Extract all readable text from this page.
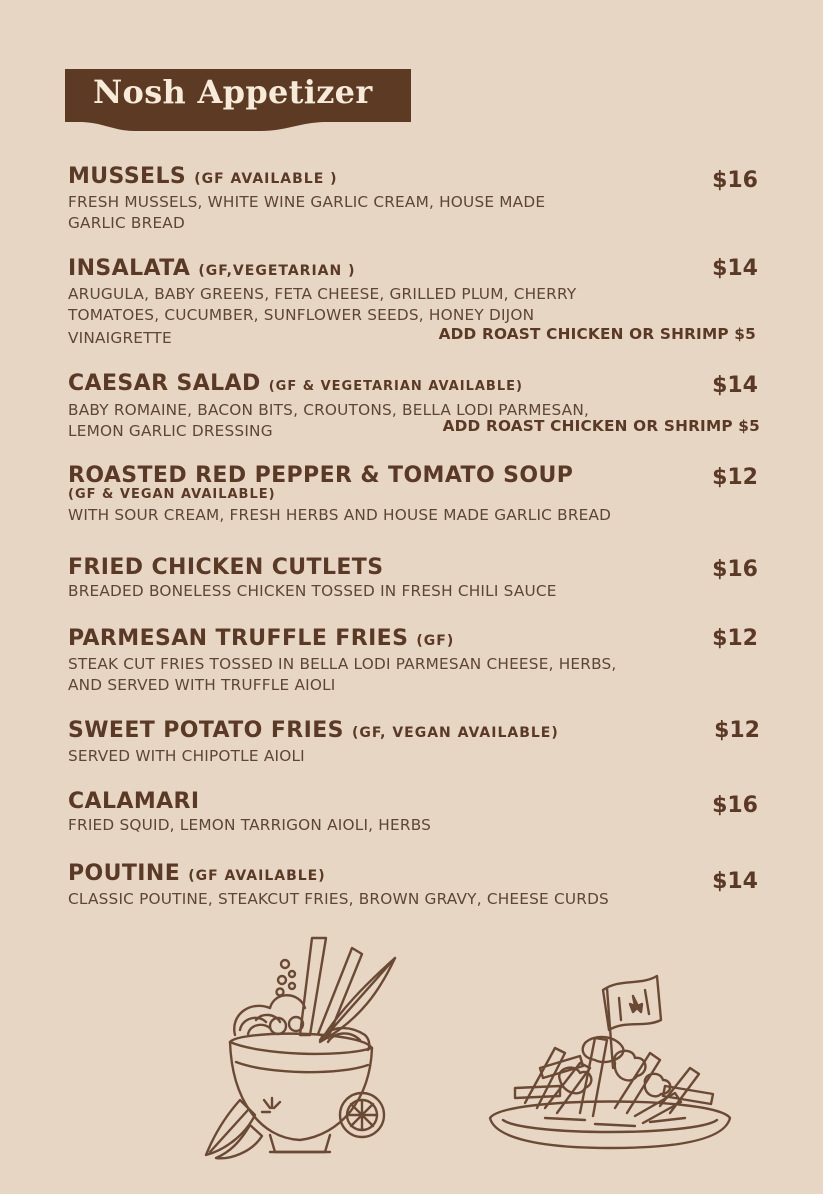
Nosh Appetizer
MUSSELS (GF AVAILABLE )
FRESH MUSSELS, WHITE WINE GARLIC CREAM, HOUSE MADE
GARLIC BREAD
$16
INSALATA (GF,VEGETARIAN )
ARUGULA, BABY GREENS, FETA CHEESE, GRILLED PLUM, CHERRY
TOMATOES, CUCUMBER, SUNFLOWER SEEDS, HONEY DIJON
VINAIGRETTE
$14
ADD ROAST CHICKEN OR SHRIMP $5
CAESAR SALAD (GF & VEGETARIAN AVAILABLE)
BABY ROMAINE, BACON BITS, CROUTONS, BELLA LODI PARMESAN,
LEMON GARLIC DRESSING
$14
ADD ROAST CHICKEN OR SHRIMP $5
ROASTED RED PEPPER & TOMATO SOUP
(GF & VEGAN AVAILABLE)
WITH SOUR CREAM, FRESH HERBS AND HOUSE MADE GARLIC BREAD
$12
FRIED CHICKEN CUTLETS
BREADED BONELESS CHICKEN TOSSED IN FRESH CHILI SAUCE
$16
PARMESAN TRUFFLE FRIES (GF)
STEAK CUT FRIES TOSSED IN BELLA LODI PARMESAN CHEESE, HERBS,
AND SERVED WITH TRUFFLE AIOLI
$12
SWEET POTATO FRIES (GF, VEGAN AVAILABLE)
SERVED WITH CHIPOTLE AIOLI
$12
CALAMARI
FRIED SQUID, LEMON TARRIGON AIOLI, HERBS
$16
POUTINE (GF AVAILABLE)
CLASSIC POUTINE, STEAKCUT FRIES, BROWN GRAVY, CHEESE CURDS
$14
